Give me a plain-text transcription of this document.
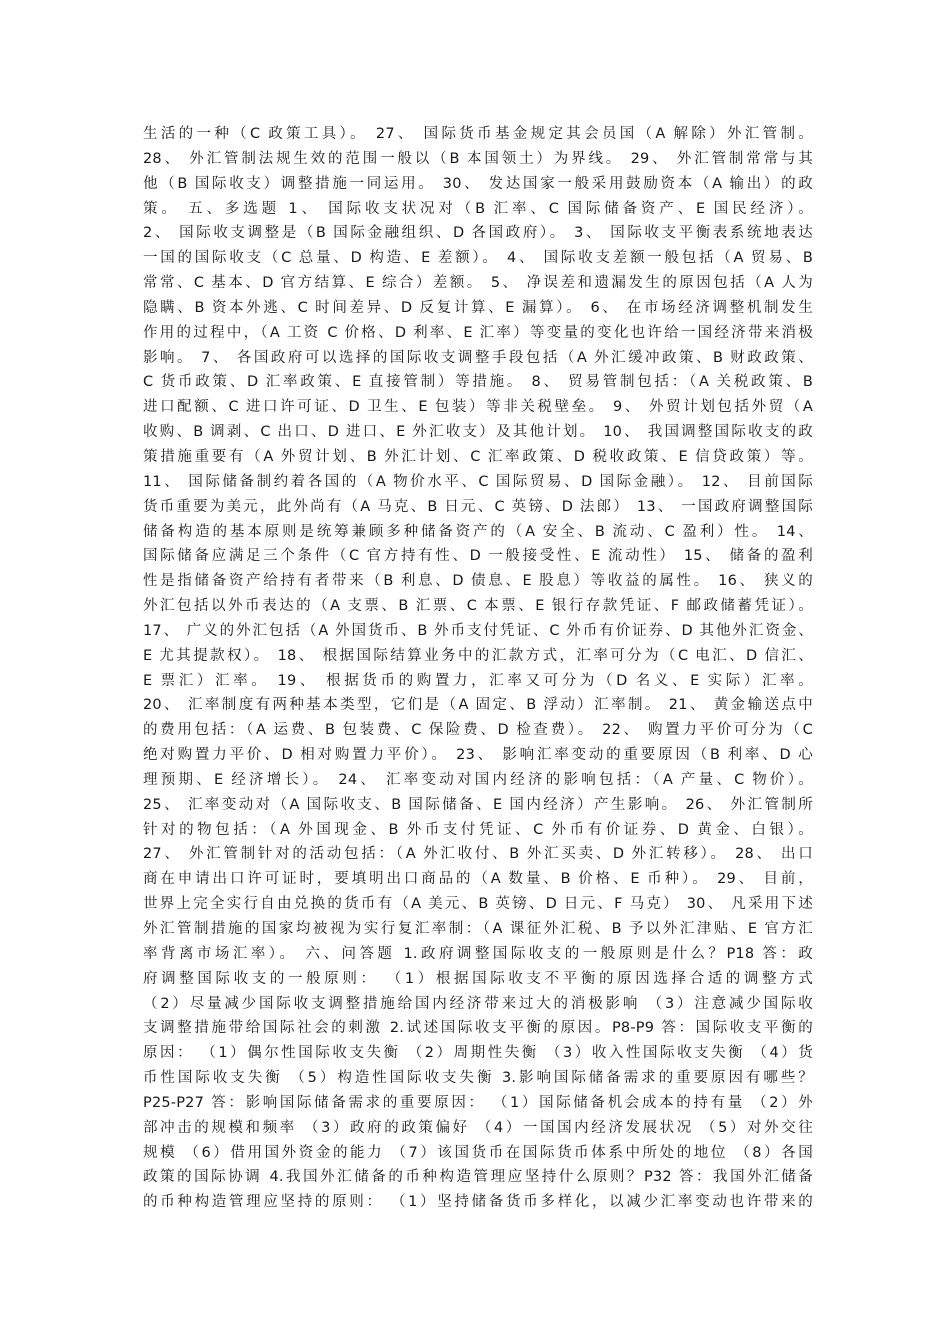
生活的一种（C 政策工具）。 27、 国际货币基金规定其会员国（A 解除）外汇管制。
28、 外汇管制法规生效的范围一般以（B 本国领土）为界线。 29、 外汇管制常常与其
他（B 国际收支）调整措施一同运用。 30、 发达国家一般采用鼓励资本（A 输出）的政
策。 五、多选题 1、 国际收支状况对（B 汇率、C 国际储备资产、E 国民经济）。
2、 国际收支调整是（B 国际金融组织、D 各国政府）。 3、 国际收支平衡表系统地表达
一国的国际收支（C 总量、D 构造、E 差额）。 4、 国际收支差额一般包括（A 贸易、B
常常、C 基本、D 官方结算、E 综合）差额。 5、 净误差和遗漏发生的原因包括（A 人为
隐瞒、B 资本外逃、C 时间差异、D 反复计算、E 漏算）。 6、 在市场经济调整机制发生
作用的过程中，（A 工资 C 价格、D 利率、E 汇率）等变量的变化也许给一国经济带来消极
影响。 7、 各国政府可以选择的国际收支调整手段包括（A 外汇缓冲政策、B 财政政策、
C 货币政策、D 汇率政策、E 直接管制）等措施。 8、 贸易管制包括：（A 关税政策、B
进口配额、C 进口许可证、D 卫生、E 包装）等非关税壁垒。 9、 外贸计划包括外贸（A
收购、B 调剥、C 出口、D 进口、E 外汇收支）及其他计划。 10、 我国调整国际收支的政
策措施重要有（A 外贸计划、B 外汇计划、C 汇率政策、D 税收政策、E 信贷政策）等。
11、 国际储备制约着各国的（A 物价水平、C 国际贸易、D 国际金融）。 12、 目前国际
货币重要为美元，此外尚有（A 马克、B 日元、C 英镑、D 法郎） 13、 一国政府调整国际
储备构造的基本原则是统筹兼顾多种储备资产的（A 安全、B 流动、C 盈利）性。 14、
国际储备应满足三个条件（C 官方持有性、D 一般接受性、E 流动性） 15、 储备的盈利
性是指储备资产给持有者带来（B 利息、D 债息、E 股息）等收益的属性。 16、 狭义的
外汇包括以外币表达的（A 支票、B 汇票、C 本票、E 银行存款凭证、F 邮政储蓄凭证）。
17、 广义的外汇包括（A 外国货币、B 外币支付凭证、C 外币有价证券、D 其他外汇资金、
E 尤其提款权）。 18、 根据国际结算业务中的汇款方式，汇率可分为（C 电汇、D 信汇、
E 票汇）汇率。 19、 根据货币的购置力，汇率又可分为（D 名义、E 实际）汇率。
20、 汇率制度有两种基本类型，它们是（A 固定、B 浮动）汇率制。 21、 黄金输送点中
的费用包括：（A 运费、B 包装费、C 保险费、D 检查费）。 22、 购置力平价可分为（C
绝对购置力平价、D 相对购置力平价）。 23、 影响汇率变动的重要原因（B 利率、D 心
理预期、E 经济增长）。 24、 汇率变动对国内经济的影响包括：（A 产量、C 物价）。
25、 汇率变动对（A 国际收支、B 国际储备、E 国内经济）产生影响。 26、 外汇管制所
针对的物包括：（A 外国现金、B 外币支付凭证、C 外币有价证券、D 黄金、白银）。
27、 外汇管制针对的活动包括：（A 外汇收付、B 外汇买卖、D 外汇转移）。 28、 出口
商在申请出口许可证时，要填明出口商品的（A 数量、B 价格、E 币种）。 29、 目前，
世界上完全实行自由兑换的货币有（A 美元、B 英镑、D 日元、F 马克） 30、 凡采用下述
外汇管制措施的国家均被视为实行复汇率制：（A 课征外汇税、B 予以外汇津贴、E 官方汇
率背离市场汇率）。 六、问答题 1.政府调整国际收支的一般原则是什么？P18 答：政
府调整国际收支的一般原则： （1）根据国际收支不平衡的原因选择合适的调整方式
（2）尽量减少国际收支调整措施给国内经济带来过大的消极影响 （3）注意减少国际收
支调整措施带给国际社会的刺激 2.试述国际收支平衡的原因。P8-P9 答：国际收支平衡的
原因： （1）偶尔性国际收支失衡 （2）周期性失衡 （3）收入性国际收支失衡 （4）货
币性国际收支失衡 （5）构造性国际收支失衡 3.影响国际储备需求的重要原因有哪些？
P25-P27 答：影响国际储备需求的重要原因： （1）国际储备机会成本的持有量 （2）外
部冲击的规模和频率 （3）政府的政策偏好 （4）一国国内经济发展状况 （5）对外交往
规模 （6）借用国外资金的能力 （7）该国货币在国际货币体系中所处的地位 （8）各国
政策的国际协调 4.我国外汇储备的币种构造管理应坚持什么原则？P32 答：我国外汇储备
的币种构造管理应坚持的原则： （1）坚持储备货币多样化，以减少汇率变动也许带来的
